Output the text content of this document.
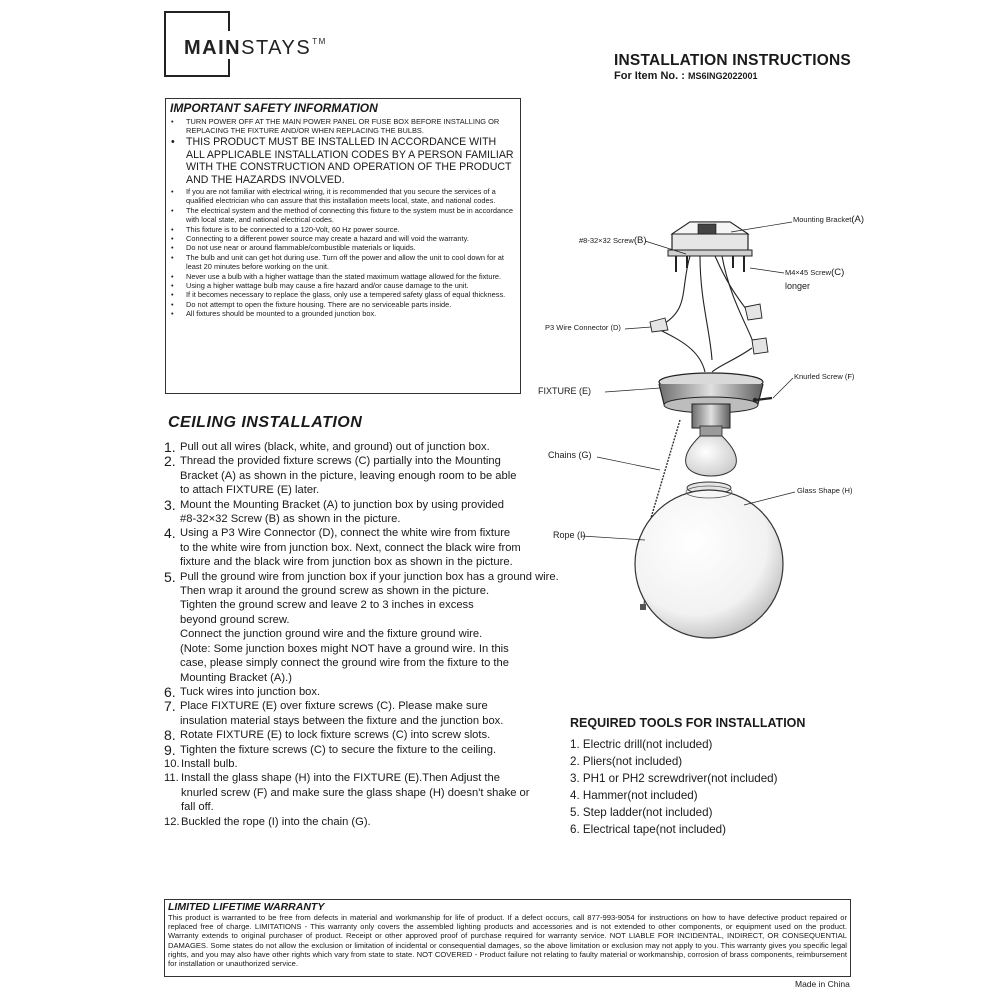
MAINSTAYS™
INSTALLATION INSTRUCTIONS
For Item No. : MS6ING2022001
IMPORTANT SAFETY INFORMATION
• TURN POWER OFF AT THE MAIN POWER PANEL OR FUSE BOX BEFORE INSTALLING OR REPLACING THE FIXTURE AND/OR WHEN REPLACING THE BULBS.
• THIS PRODUCT MUST BE INSTALLED IN ACCORDANCE WITH ALL APPLICABLE INSTALLATION CODES BY A PERSON FAMILIAR WITH THE CONSTRUCTION AND OPERATION OF THE PRODUCT AND THE HAZARDS INVOLVED.
• If you are not familiar with electrical wiring, it is recommended that you secure the services of a qualified electrician who can assure that this installation meets local, state, and national codes.
• The electrical system and the method of connecting this fixture to the system must be in accordance with local state, and national electrical codes.
• This fixture is to be connected to a 120-Volt, 60 Hz power source.
• Connecting to a different power source may create a hazard and will void the warranty.
• Do not use near or around flammable/combustible materials or liquids.
• The bulb and unit can get hot during use. Turn off the power and allow the unit to cool down for at least 20 minutes before working on the unit.
• Never use a bulb with a higher wattage than the stated maximum wattage allowed for the fixture.
• Using a higher wattage bulb may cause a fire hazard and/or cause damage to the unit.
• If it becomes necessary to replace the glass, only use a tempered safety glass of equal thickness.
• Do not attempt to open the fixture housing. There are no serviceable parts inside.
• All fixtures should be mounted to a grounded junction box.
CEILING INSTALLATION
1. Pull out all wires (black, white, and ground) out of junction box.
2. Thread the provided fixture screws (C) partially into the Mounting
Bracket (A) as shown in the picture, leaving enough room to be able
to attach FIXTURE (E) later.
3. Mount the Mounting Bracket (A) to junction box by using provided
#8-32×32 Screw (B) as shown in the picture.
4. Using a P3 Wire Connector (D), connect the white wire from fixture
to the white wire from junction box. Next, connect the black wire from
fixture and the black wire from junction box as shown in the picture.
5. Pull the ground wire from junction box if your junction box has a ground wire.
Then wrap it around the ground screw as shown in the picture.
Tighten the ground screw and leave 2 to 3 inches in excess
beyond ground screw.
Connect the junction ground wire and the fixture ground wire.
(Note: Some junction boxes might NOT have a ground wire. In this
case, please simply connect the ground wire from the fixture to the
Mounting Bracket (A).)
6. Tuck wires into junction box.
7. Place FIXTURE (E) over fixture screws (C). Please make sure
insulation material stays between the fixture and the junction box.
8. Rotate FIXTURE (E) to lock fixture screws (C) into screw slots.
9. Tighten the fixture screws (C) to secure the fixture to the ceiling.
10. Install bulb.
11. Install the glass shape (H) into the FIXTURE (E).Then Adjust the
knurled screw (F) and make sure the glass shape (H) doesn't shake or
fall off.
12. Buckled the rope (I) into the chain (G).
REQUIRED TOOLS FOR INSTALLATION
1. Electric drill(not included)
2. Pliers(not included)
3. PH1 or PH2 screwdriver(not included)
4. Hammer(not included)
5. Step ladder(not included)
6. Electrical tape(not included)
LIMITED LIFETIME WARRANTY

This product is warranted to be free from defects in material and workmanship for life of product. If a defect occurs, call 877-993-9054 for instructions on how to have defective product repaired or replaced free of charge. LIMITATIONS - This warranty only covers the assembled lighting products and accessories and is not extended to other components, or equipment used on the product. Warranty extends to original purchaser of product. Receipt or other approved proof of purchase required for warranty service. NOT LIABLE FOR INCIDENTAL, INDIRECT, OR CONSEQUENTIAL DAMAGES. Some states do not allow the exclusion or limitation of incidental or consequential damages, so the above limitation or exclusion may not apply to you. This warranty gives you specific legal rights, and you may also have other rights which vary from state to state. NOT COVERED - Product failure not relating to faulty material or workmanship, corrosion of brass components, reimbursement for installation or unauthorized service.

Made in China
Mounting Bracket(A)
#8-32×32 Screw(B)
M4×45 Screw(C)
longer
P3 Wire Connector (D)
FIXTURE (E)
Knurled Screw (F)
Chains (G)
Glass Shape (H)
Rope (I)
